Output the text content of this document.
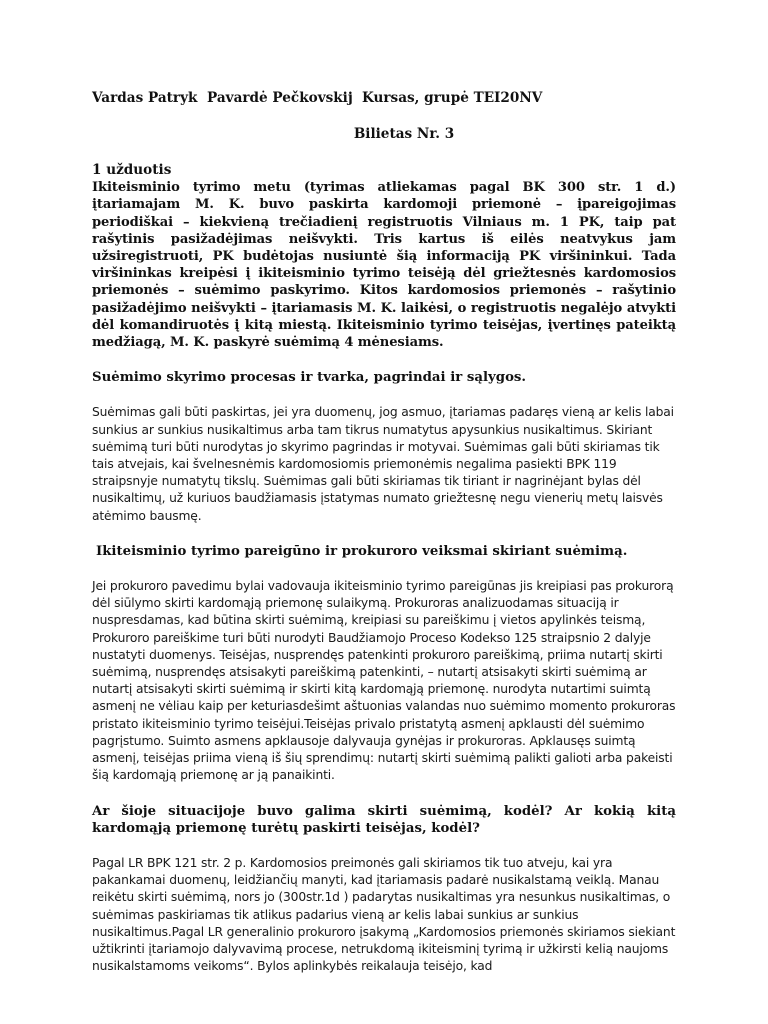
Vardas Patryk Pavardė Pečkovskij Kursas, grupė TEI20NV
Bilietas Nr. 3
1 užduotis
Ikiteisminio tyrimo metu (tyrimas atliekamas pagal BK 300 str. 1 d.) įtariamajam M. K. buvo paskirta kardomoji priemonė – įpareigojimas periodiškai – kiekvieną trečiadienį registruotis Vilniaus m. 1 PK, taip pat rašytinis pasižadėjimas neišvykti. Tris kartus iš eilės neatvykus jam užsiregistruoti, PK budėtojas nusiuntė šią informaciją PK viršininkui. Tada viršininkas kreipėsi į ikiteisminio tyrimo teisėją dėl griežtesnės kardomosios priemonės – suėmimo paskyrimo. Kitos kardomosios priemonės – rašytinio pasižadėjimo neišvykti – įtariamasis M. K. laikėsi, o registruotis negalėjo atvykti dėl komandiruotės į kitą miestą. Ikiteisminio tyrimo teisėjas, įvertinęs pateiktą medžiagą, M. K. paskyrė suėmimą 4 mėnesiams.
Suėmimo skyrimo procesas ir tvarka, pagrindai ir sąlygos.
Suėmimas gali būti paskirtas, jei yra duomenų, jog asmuo, įtariamas padaręs vieną ar kelis labai sunkius ar sunkius nusikaltimus arba tam tikrus numatytus apysunkius nusikaltimus. Skiriant suėmimą turi būti nurodytas jo skyrimo pagrindas ir motyvai. Suėmimas gali būti skiriamas tik tais atvejais, kai švelnesnėmis kardomosiomis priemonėmis negalima pasiekti BPK 119 straipsnyje numatytų tikslų. Suėmimas gali būti skiriamas tik tiriant ir nagrinėjant bylas dėl nusikaltimų, už kuriuos baudžiamasis įstatymas numato griežtesnę negu vienerių metų laisvės atėmimo bausmę.
Ikiteisminio tyrimo pareigūno ir prokuroro veiksmai skiriant suėmimą.
Jei prokuroro pavedimu bylai vadovauja ikiteisminio tyrimo pareigūnas jis kreipiasi pas prokurorą dėl siūlymo skirti kardomąją priemonę sulaikymą. Prokuroras analizuodamas situaciją ir nuspresdamas, kad būtina skirti suėmimą, kreipiasi su pareiškimu į vietos apylinkės teismą, Prokuroro pareiškime turi būti nurodyti Baudžiamojo Proceso Kodekso 125 straipsnio 2 dalyje nustatyti duomenys. Teisėjas, nusprendęs patenkinti prokuroro pareiškimą, priima nutartį skirti suėmimą, nusprendęs atsisakyti pareiškimą patenkinti, – nutartį atsisakyti skirti suėmimą ar nutartį atsisakyti skirti suėmimą ir skirti kitą kardomąją priemonę. nurodyta nutartimi suimtą asmenį ne vėliau kaip per keturiasdešimt aštuonias valandas nuo suėmimo momento prokuroras pristato ikiteisminio tyrimo teisėjui.Teisėjas privalo pristatytą asmenį apklausti dėl suėmimo pagrįstumo. Suimto asmens apklausoje dalyvauja gynėjas ir prokuroras. Apklausęs suimtą asmenį, teisėjas priima vieną iš šių sprendimų: nutartį skirti suėmimą palikti galioti arba pakeisti šią kardomąją priemonę ar ją panaikinti.
Ar šioje situacijoje buvo galima skirti suėmimą, kodėl? Ar kokią kitą kardomąją priemonę turėtų paskirti teisėjas, kodėl?
Pagal LR BPK 121 str. 2 p. Kardomosios preimonės gali skiriamos tik tuo atveju, kai yra pakankamai duomenų, leidžiančių manyti, kad įtariamasis padarė nusikalstamą veiklą. Manau reikėtu skirti suėmimą, nors jo (300str.1d ) padarytas nusikaltimas yra nesunkus nusikaltimas, o suėmimas paskiriamas tik atlikus padarius vieną ar kelis labai sunkius ar sunkius nusikaltimus.Pagal LR generalinio prokuroro įsakymą „Kardomosios priemonės skiriamos siekiant užtikrinti įtariamojo dalyvavimą procese, netrukdomą ikiteisminį tyrimą ir užkirsti kelią naujoms nusikalstamoms veikoms“. Bylos aplinkybės reikalauja teisėjo, kad
